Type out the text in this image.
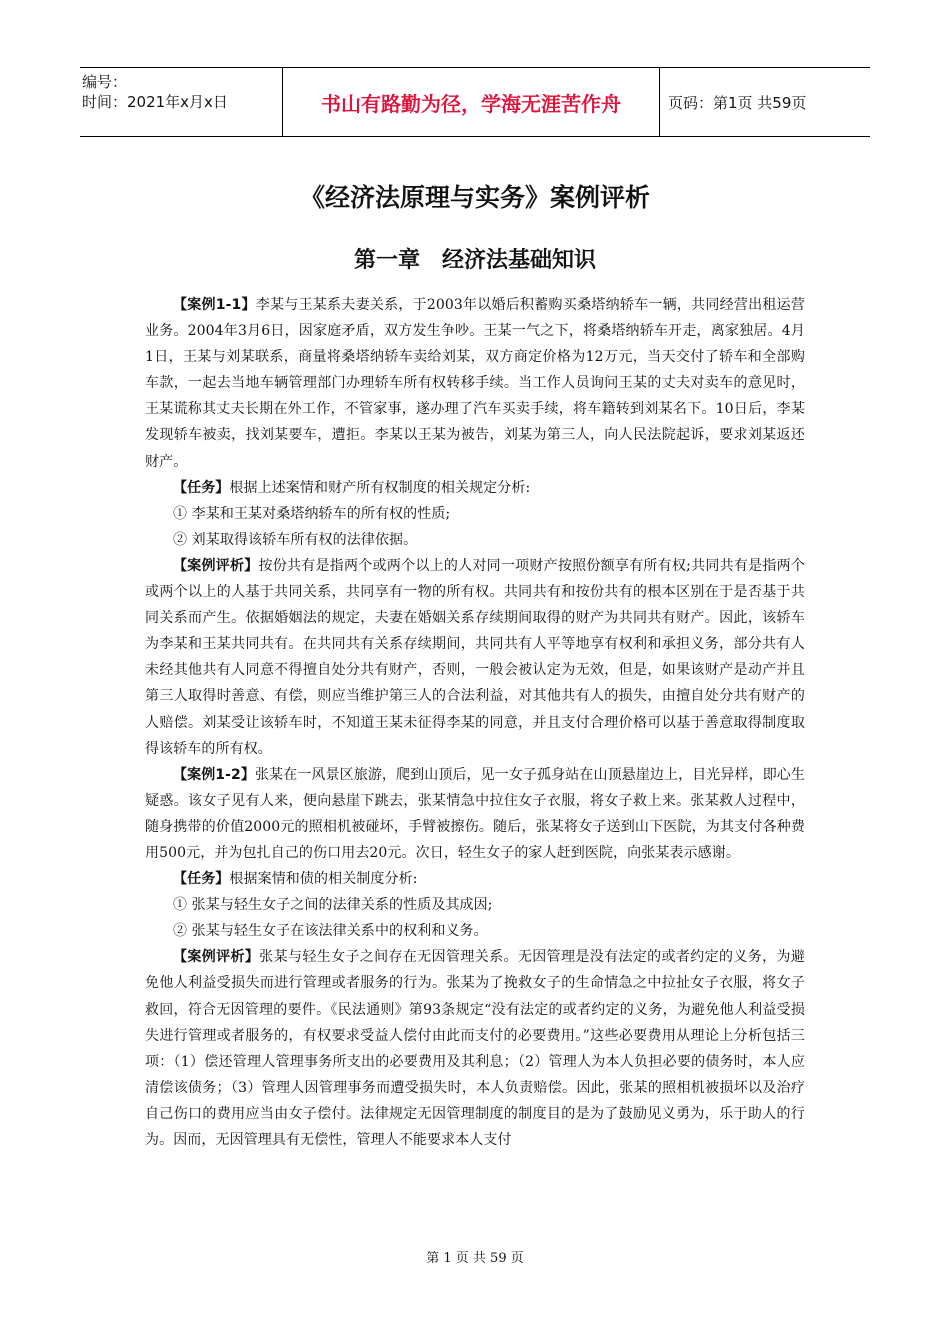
编号：
时间：2021年x月x日	书山有路勤为径，学海无涯苦作舟	页码：第1页 共59页
《经济法原理与实务》案例评析
第一章　经济法基础知识

【案例1-1】李某与王某系夫妻关系，于2003年以婚后积蓄购买桑塔纳轿车一辆，共同经营出租运营业务。2004年3月6日，因家庭矛盾，双方发生争吵。王某一气之下，将桑塔纳轿车开走，离家独居。4月1日，王某与刘某联系，商量将桑塔纳轿车卖给刘某，双方商定价格为12万元，当天交付了轿车和全部购车款，一起去当地车辆管理部门办理轿车所有权转移手续。当工作人员询问王某的丈夫对卖车的意见时，王某谎称其丈夫长期在外工作，不管家事，遂办理了汽车买卖手续，将车籍转到刘某名下。10日后，李某发现轿车被卖，找刘某要车，遭拒。李某以王某为被告，刘某为第三人，向人民法院起诉，要求刘某返还财产。

【任务】根据上述案情和财产所有权制度的相关规定分析:

① 李某和王某对桑塔纳轿车的所有权的性质;

② 刘某取得该轿车所有权的法律依据。

【案例评析】按份共有是指两个或两个以上的人对同一项财产按照份额享有所有权;共同共有是指两个或两个以上的人基于共同关系，共同享有一物的所有权。共同共有和按份共有的根本区别在于是否基于共同关系而产生。依据婚姻法的规定，夫妻在婚姻关系存续期间取得的财产为共同共有财产。因此，该轿车为李某和王某共同共有。在共同共有关系存续期间，共同共有人平等地享有权利和承担义务，部分共有人未经其他共有人同意不得擅自处分共有财产，否则，一般会被认定为无效，但是，如果该财产是动产并且第三人取得时善意、有偿，则应当维护第三人的合法利益，对其他共有人的损失，由擅自处分共有财产的人赔偿。刘某受让该轿车时，不知道王某未征得李某的同意，并且支付合理价格可以基于善意取得制度取得该轿车的所有权。

【案例1-2】张某在一风景区旅游，爬到山顶后，见一女子孤身站在山顶悬崖边上，目光异样，即心生疑惑。该女子见有人来，便向悬崖下跳去，张某情急中拉住女子衣服，将女子救上来。张某救人过程中，随身携带的价值2000元的照相机被碰坏，手臂被擦伤。随后，张某将女子送到山下医院，为其支付各种费用500元，并为包扎自己的伤口用去20元。次日，轻生女子的家人赶到医院，向张某表示感谢。

【任务】根据案情和债的相关制度分析:

① 张某与轻生女子之间的法律关系的性质及其成因;

② 张某与轻生女子在该法律关系中的权利和义务。

【案例评析】张某与轻生女子之间存在无因管理关系。无因管理是没有法定的或者约定的义务，为避免他人利益受损失而进行管理或者服务的行为。张某为了挽救女子的生命情急之中拉扯女子衣服，将女子救回，符合无因管理的要件。《民法通则》第93条规定“没有法定的或者约定的义务，为避免他人利益受损失进行管理或者服务的，有权要求受益人偿付由此而支付的必要费用。”这些必要费用从理论上分析包括三项：（1）偿还管理人管理事务所支出的必要费用及其利息；（2）管理人为本人负担必要的债务时，本人应清偿该债务；（3）管理人因管理事务而遭受损失时，本人负责赔偿。因此，张某的照相机被损坏以及治疗自己伤口的费用应当由女子偿付。法律规定无因管理制度的制度目的是为了鼓励见义勇为，乐于助人的行为。因而，无因管理具有无偿性，管理人不能要求本人支付

第 1 页 共 59 页
